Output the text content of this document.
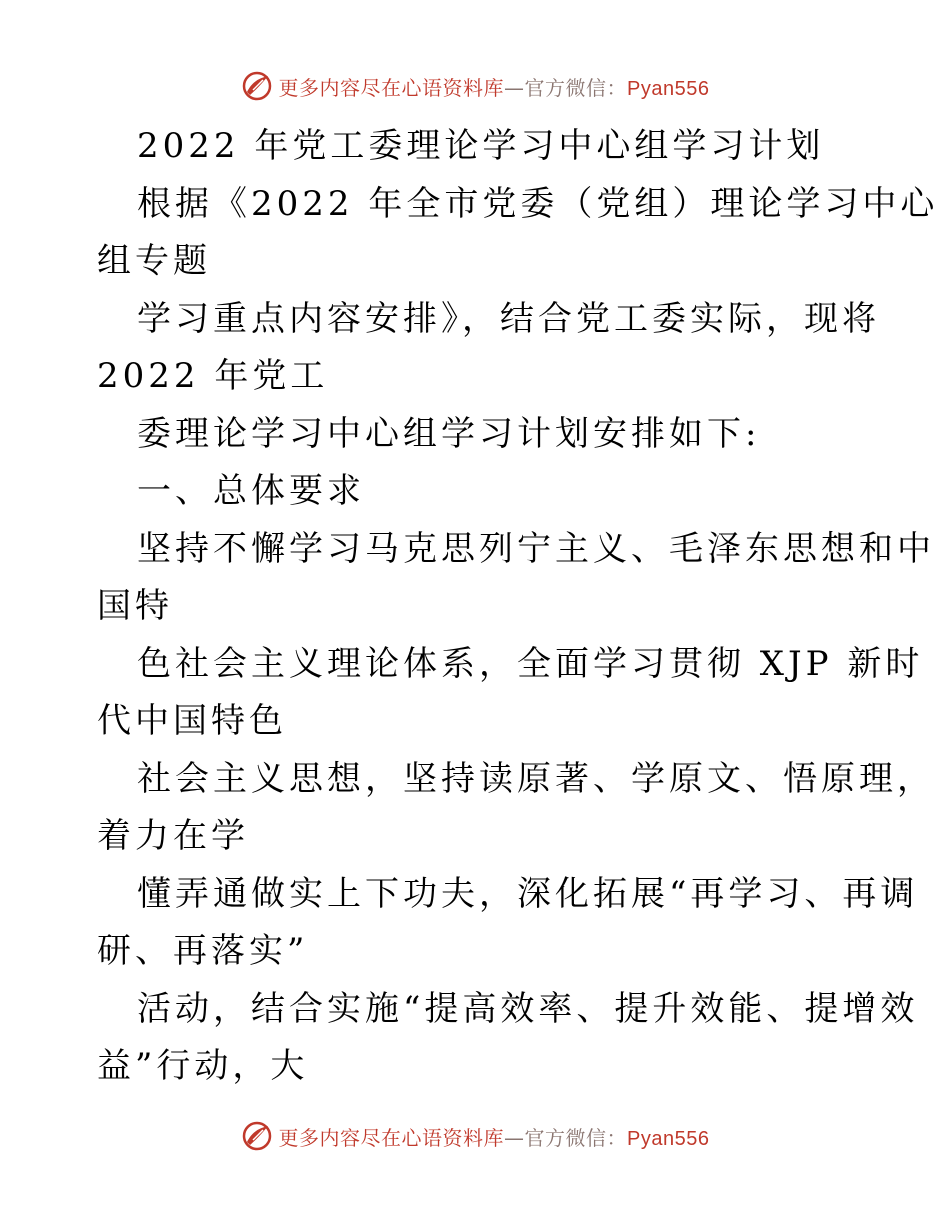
更多内容尽在心语资料库—官方微信：Pyan556
2022 年党工委理论学习中心组学习计划
根据《2022 年全市党委（党组）理论学习中心
组专题
学习重点内容安排》，结合党工委实际，现将
2022 年党工
委理论学习中心组学习计划安排如下:
一、总体要求
坚持不懈学习马克思列宁主义、毛泽东思想和中
国特
色社会主义理论体系，全面学习贯彻 XJP 新时
代中国特色
社会主义思想，坚持读原著、学原文、悟原理，
着力在学
懂弄通做实上下功夫，深化拓展“再学习、再调
研、再落实”
活动，结合实施“提高效率、提升效能、提增效
益”行动，大
更多内容尽在心语资料库—官方微信：Pyan556
